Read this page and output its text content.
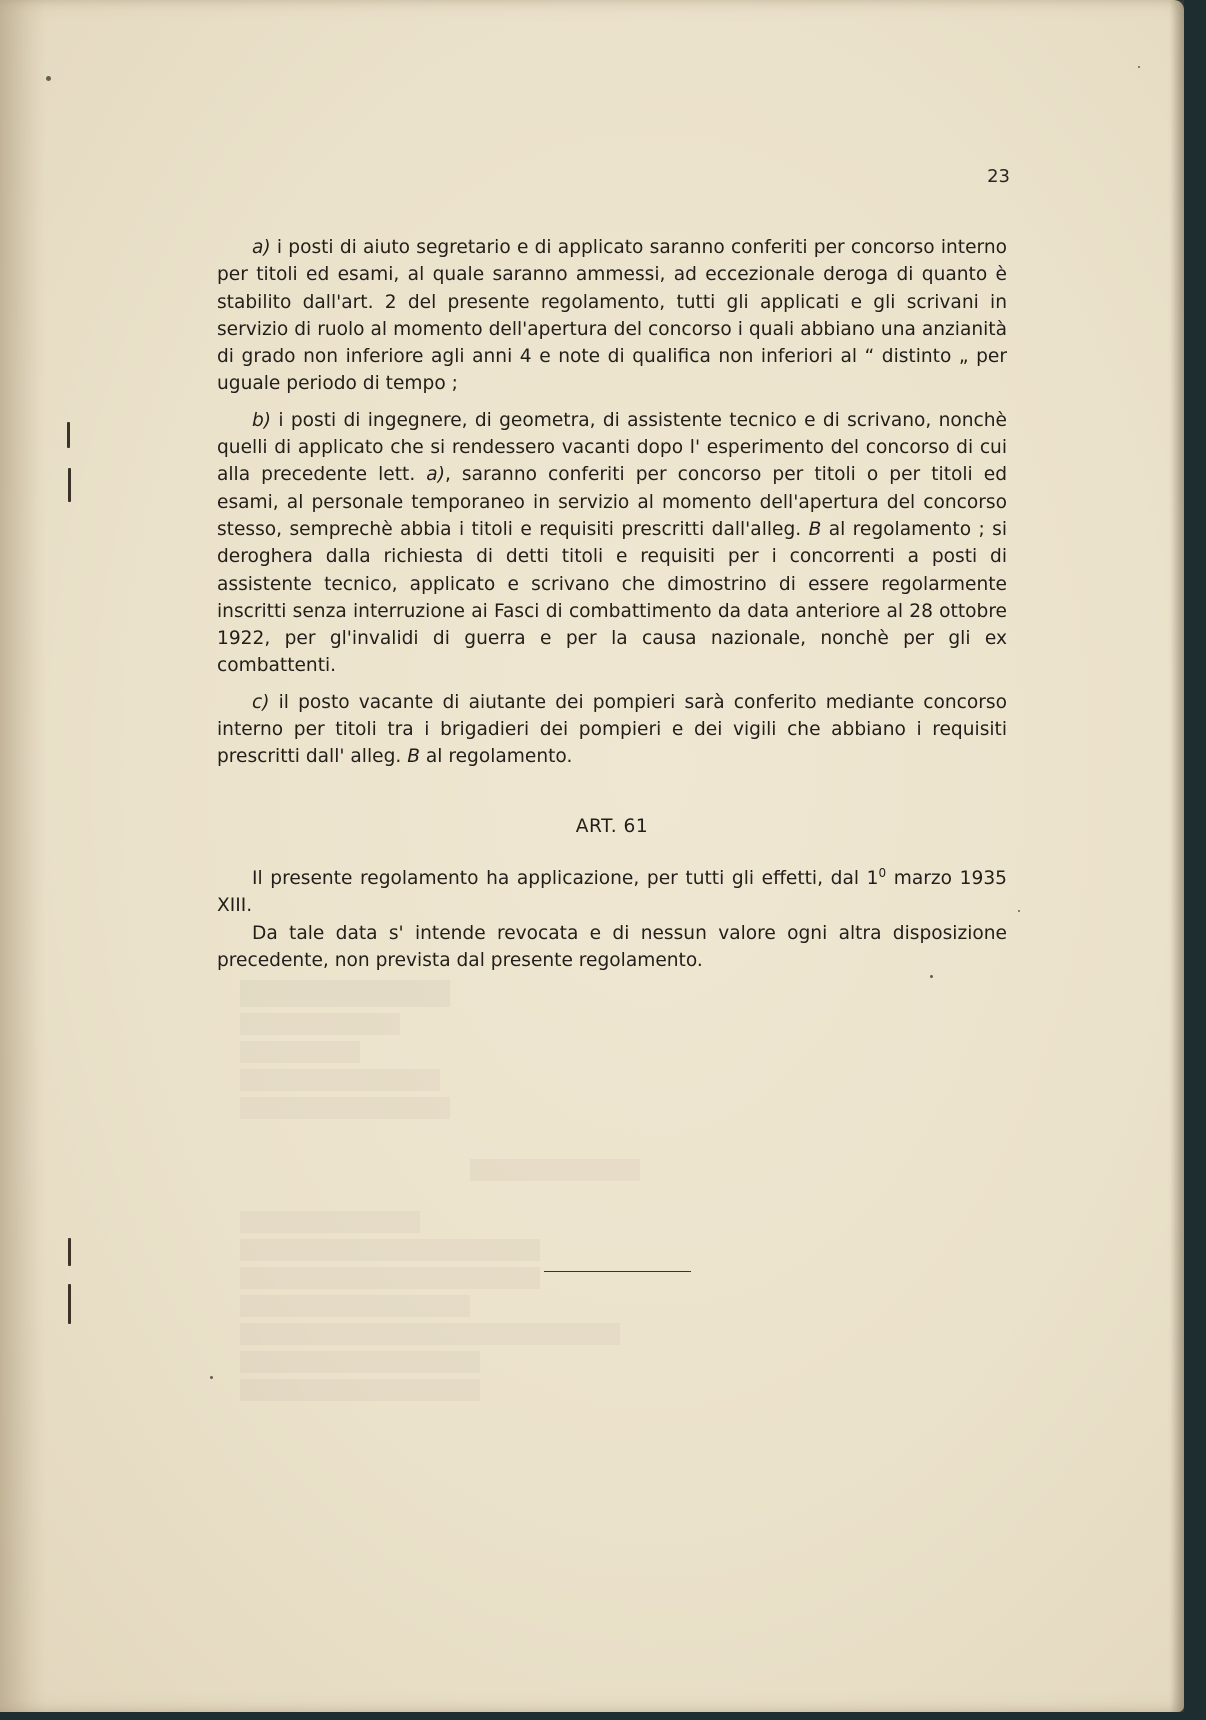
23

a) i posti di aiuto segretario e di applicato saranno conferiti per concorso interno per titoli ed esami, al quale saranno ammessi, ad eccezionale deroga di quanto è stabilito dall'art. 2 del presente regolamento, tutti gli applicati e gli scrivani in servizio di ruolo al momento dell'apertura del concorso i quali abbiano una anzianità di grado non inferiore agli anni 4 e note di qualifica non inferiori al “ distinto „ per uguale periodo di tempo ;

b) i posti di ingegnere, di geometra, di assistente tecnico e di scrivano, nonchè quelli di applicato che si rendessero vacanti dopo l' esperimento del concorso di cui alla precedente lett. a), saranno conferiti per concorso per titoli o per titoli ed esami, al personale temporaneo in servizio al momento dell'apertura del concorso stesso, semprechè abbia i titoli e requisiti prescritti dall'alleg. B al regolamento ; si deroghera dalla richiesta di detti titoli e requisiti per i concorrenti a posti di assistente tecnico, applicato e scrivano che dimostrino di essere regolarmente inscritti senza interruzione ai Fasci di combattimento da data anteriore al 28 ottobre 1922, per gl'invalidi di guerra e per la causa nazionale, nonchè per gli ex combattenti.

c) il posto vacante di aiutante dei pompieri sarà conferito mediante concorso interno per titoli tra i brigadieri dei pompieri e dei vigili che abbiano i requisiti prescritti dall' alleg. B al regolamento.

ART. 61

Il presente regolamento ha applicazione, per tutti gli effetti, dal $1^0$ marzo 1935 XIII.

Da tale data s' intende revocata e di nessun valore ogni altra disposizione precedente, non prevista dal presente regolamento.
